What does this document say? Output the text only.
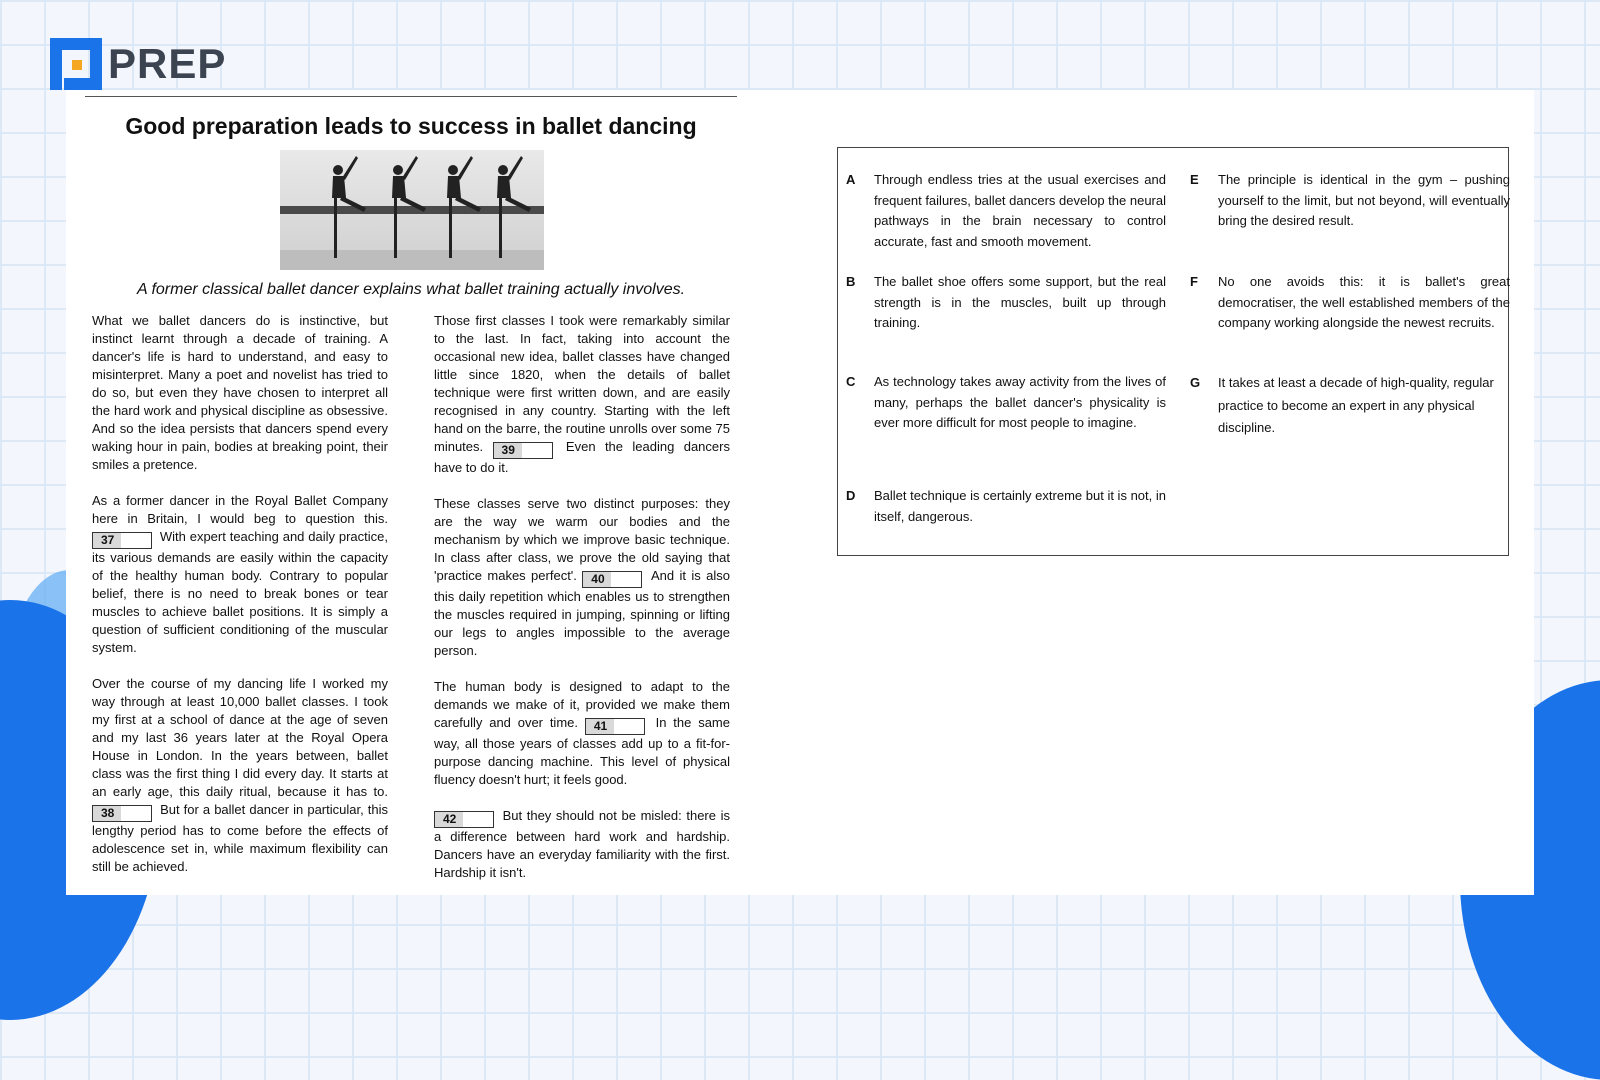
PREP
Good preparation leads to success in ballet dancing
A former classical ballet dancer explains what ballet training actually involves.

What we ballet dancers do is instinctive, but instinct learnt through a decade of training. A dancer's life is hard to understand, and easy to misinterpret. Many a poet and novelist has tried to do so, but even they have chosen to interpret all the hard work and physical discipline as obsessive. And so the idea persists that dancers spend every waking hour in pain, bodies at breaking point, their smiles a pretence.

As a former dancer in the Royal Ballet Company here in Britain, I would beg to question this. 37	With expert teaching and daily practice, its various demands are easily within the capacity of the healthy human body. Contrary to popular belief, there is no need to break bones or tear muscles to achieve ballet positions. It is simply a question of sufficient conditioning of the muscular system.

Over the course of my dancing life I worked my way through at least 10,000 ballet classes. I took my first at a school of dance at the age of seven and my last 36 years later at the Royal Opera House in London. In the years between, ballet class was the first thing I did every day. It starts at an early age, this daily ritual, because it has to. 38	But for a ballet dancer in particular, this lengthy period has to come before the effects of adolescence set in, while maximum flexibility can still be achieved.

Those first classes I took were remarkably similar to the last. In fact, taking into account the occasional new idea, ballet classes have changed little since 1820, when the details of ballet technique were first written down, and are easily recognised in any country. Starting with the left hand on the barre, the routine unrolls over some 75 minutes. 39	Even the leading dancers have to do it.

These classes serve two distinct purposes: they are the way we warm our bodies and the mechanism by which we improve basic technique. In class after class, we prove the old saying that 'practice makes perfect'. 40	And it is also this daily repetition which enables us to strengthen the muscles required in jumping, spinning or lifting our legs to angles impossible to the average person.

The human body is designed to adapt to the demands we make of it, provided we make them carefully and over time. 41	In the same way, all those years of classes add up to a fit-for-purpose dancing machine. This level of physical fluency doesn't hurt; it feels good.

42	But they should not be misled: there is a difference between hard work and hardship. Dancers have an everyday familiarity with the first. Hardship it isn't.

A	Through endless tries at the usual exercises and frequent failures, ballet dancers develop the neural pathways in the brain necessary to control accurate, fast and smooth movement.
B	The ballet shoe offers some support, but the real strength is in the muscles, built up through training.
C	As technology takes away activity from the lives of many, perhaps the ballet dancer's physicality is ever more difficult for most people to imagine.
D	Ballet technique is certainly extreme but it is not, in itself, dangerous.
E	The principle is identical in the gym – pushing yourself to the limit, but not beyond, will eventually bring the desired result.
F	No one avoids this: it is ballet's great democratiser, the well established members of the company working alongside the newest recruits.
G	It takes at least a decade of high-quality, regular practice to become an expert in any physical discipline.
